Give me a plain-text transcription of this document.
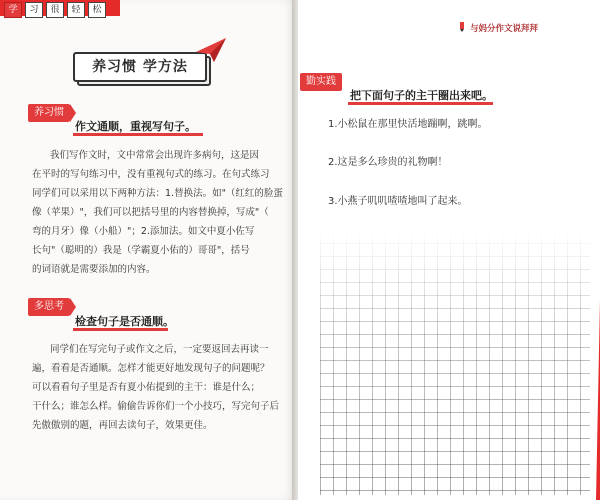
学	习	很	轻	松
养习惯 学方法
养习惯
作文通顺，重视写句子。
我们写作文时，文中常常会出现许多病句，这是因
在平时的写句练习中，没有重视句式的练习。在句式练习
同学们可以采用以下两种方法：1.替换法。如"（红红的脸蛋
像（苹果）"，我们可以把括号里的内容替换掉，写成"（
弯的月牙）像（小船）"；2.添加法。如文中夏小佐写
长句"（聪明的）我是（学霸夏小佑的）哥哥"，括号
的词语就是需要添加的内容。
多思考
检查句子是否通顺。
同学们在写完句子或作文之后，一定要返回去再读一
遍，看看是否通顺。怎样才能更好地发现句子的问题呢？
可以看看句子里是否有夏小佑提到的主干：谁是什么；
干什么；谁怎么样。偷偷告诉你们一个小技巧，写完句子后
先傲傲别的题，再回去读句子，效果更佳。
与妈分作文说拜拜
勤实践
把下面句子的主干圈出来吧。
1.小松鼠在那里快活地蹦啊，跳啊。
2.这是多么珍贵的礼物啊！
3.小燕子叽叽喳喳地叫了起来。
